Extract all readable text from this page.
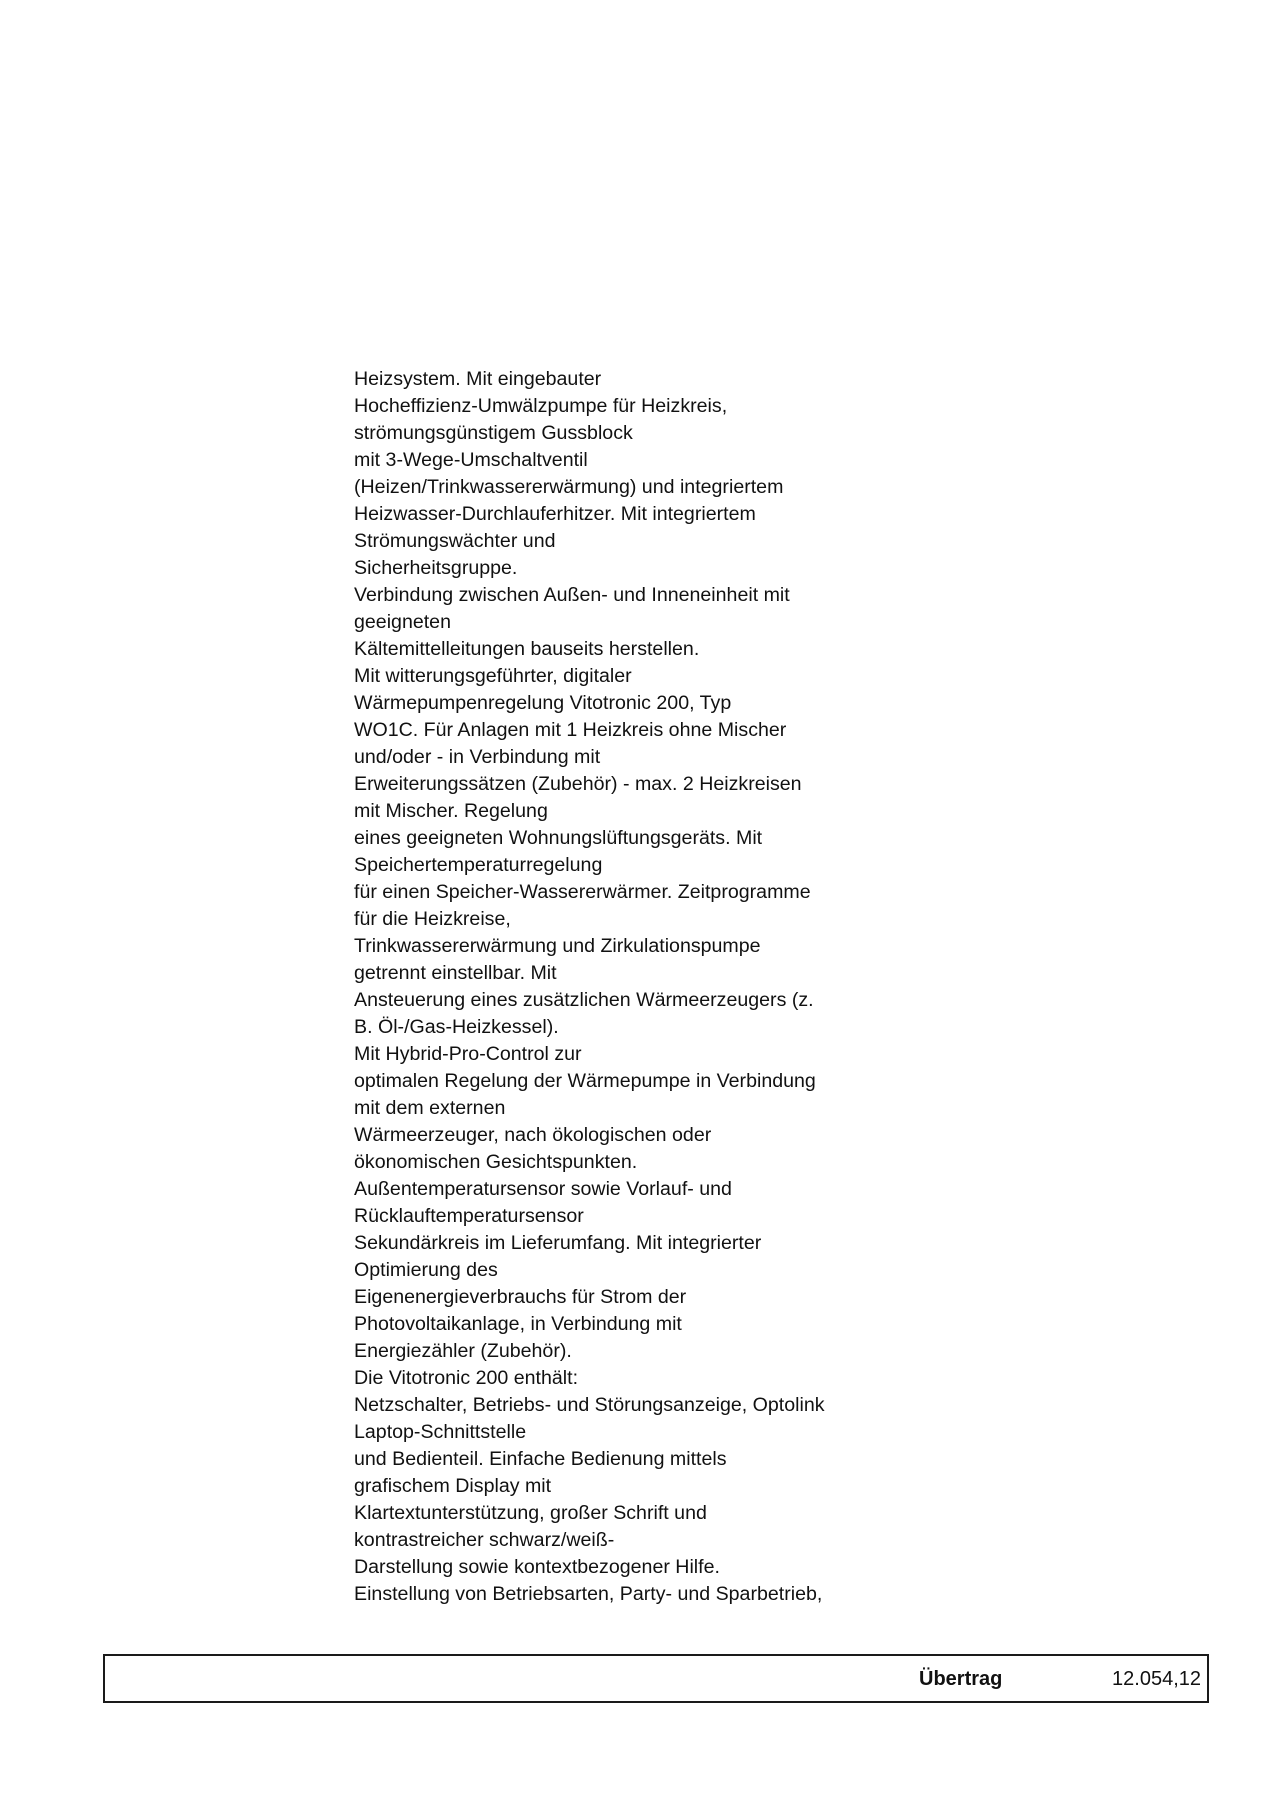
Heizsystem. Mit eingebauter
Hocheffizienz-Umwälzpumpe für Heizkreis,
strömungsgünstigem Gussblock
mit 3-Wege-Umschaltventil
(Heizen/Trinkwassererwärmung) und integriertem
Heizwasser-Durchlauferhitzer. Mit integriertem
Strömungswächter und
Sicherheitsgruppe.
Verbindung zwischen Außen- und Inneneinheit mit
geeigneten
Kältemittelleitungen bauseits herstellen.
Mit witterungsgeführter, digitaler
Wärmepumpenregelung Vitotronic 200, Typ
WO1C. Für Anlagen mit 1 Heizkreis ohne Mischer
und/oder - in Verbindung mit
Erweiterungssätzen (Zubehör) - max. 2 Heizkreisen
mit Mischer. Regelung
eines geeigneten Wohnungslüftungsgeräts. Mit
Speichertemperaturregelung
für einen Speicher-Wassererwärmer. Zeitprogramme
für die Heizkreise,
Trinkwassererwärmung und Zirkulationspumpe
getrennt einstellbar. Mit
Ansteuerung eines zusätzlichen Wärmeerzeugers (z.
B. Öl-/Gas-Heizkessel).
Mit Hybrid-Pro-Control zur
optimalen Regelung der Wärmepumpe in Verbindung
mit dem externen
Wärmeerzeuger, nach ökologischen oder
ökonomischen Gesichtspunkten.
Außentemperatursensor sowie Vorlauf- und
Rücklauftemperatursensor
Sekundärkreis im Lieferumfang. Mit integrierter
Optimierung des
Eigenenergieverbrauchs für Strom der
Photovoltaikanlage, in Verbindung mit
Energiezähler (Zubehör).
Die Vitotronic 200 enthält:
Netzschalter, Betriebs- und Störungsanzeige, Optolink
Laptop-Schnittstelle
und Bedienteil. Einfache Bedienung mittels
grafischem Display mit
Klartextunterstützung, großer Schrift und
kontrastreicher schwarz/weiß-
Darstellung sowie kontextbezogener Hilfe.
Einstellung von Betriebsarten, Party- und Sparbetrieb,
Übertrag	12.054,12
